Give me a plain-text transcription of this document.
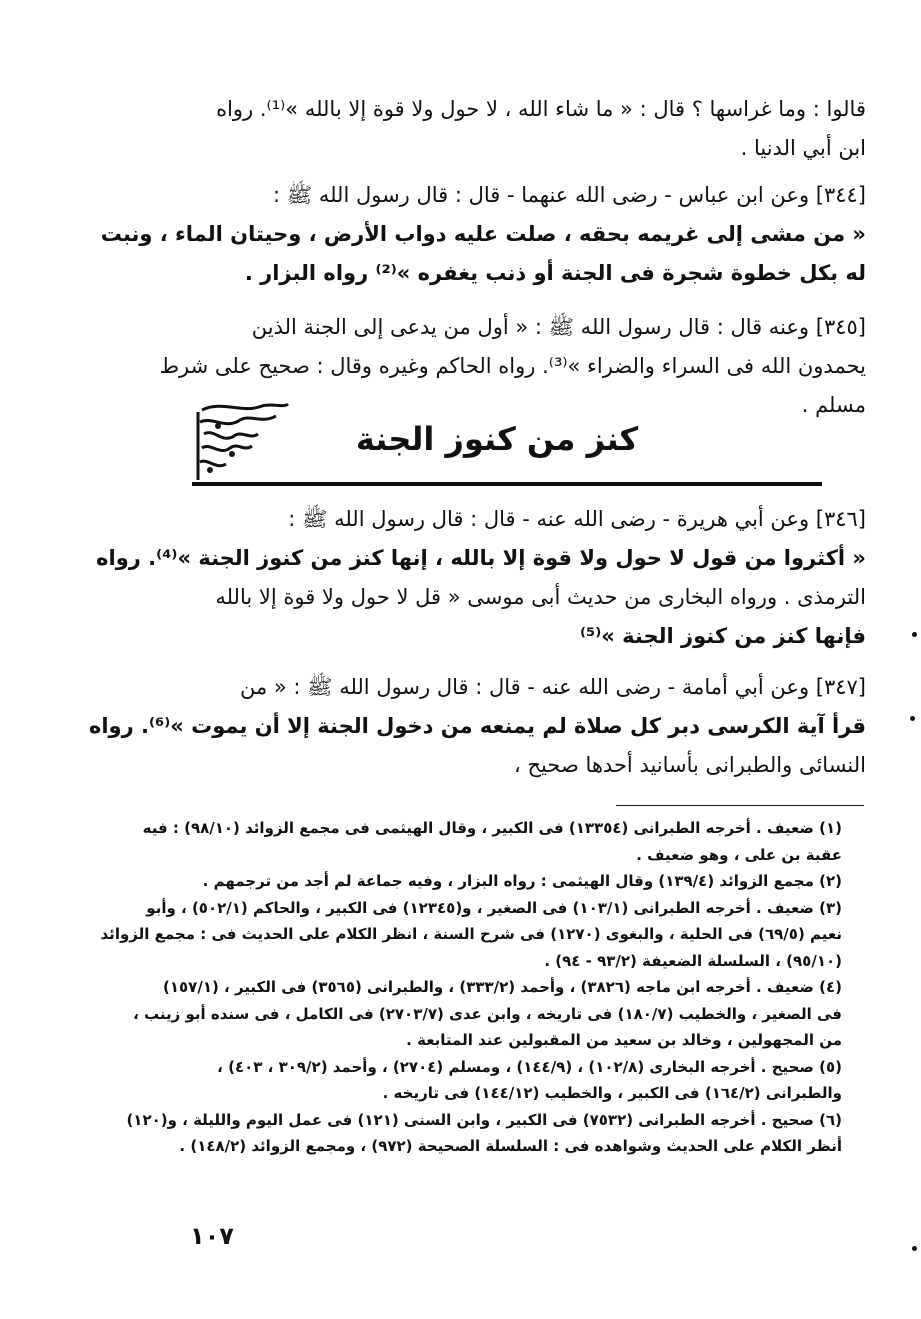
قالوا : وما غراسها ؟ قال : « ما شاء الله ، لا حول ولا قوة إلا بالله »⁽¹⁾. رواه
ابن أبي الدنيا .
[٣٤٤] وعن ابن عباس - رضى الله عنهما - قال : قال رسول الله ﷺ :
« من مشى إلى غريمه بحقه ، صلت عليه دواب الأرض ، وحيتان الماء ، ونبت
له بكل خطوة شجرة فى الجنة أو ذنب يغفره »⁽²⁾ رواه البزار .
[٣٤٥] وعنه قال : قال رسول الله ﷺ : « أول من يدعى إلى الجنة الذين
يحمدون الله فى السراء والضراء »⁽³⁾. رواه الحاكم وغيره وقال : صحيح على شرط
مسلم .
كنز من كنوز الجنة
[٣٤٦] وعن أبي هريرة - رضى الله عنه - قال : قال رسول الله ﷺ :
« أكثروا من قول لا حول ولا قوة إلا بالله ، إنها كنز من كنوز الجنة »⁽⁴⁾. رواه
الترمذى . ورواه البخارى من حديث أبى موسى « قل لا حول ولا قوة إلا بالله
فإنها كنز من كنوز الجنة »⁽⁵⁾
[٣٤٧] وعن أبي أمامة - رضى الله عنه - قال : قال رسول الله ﷺ : « من
قرأ آية الكرسى دبر كل صلاة لم يمنعه من دخول الجنة إلا أن يموت »⁽⁶⁾. رواه
النسائى والطبرانى بأسانيد أحدها صحيح ،
(١) ضعيف . أخرجه الطبرانى (١٣٣٥٤) فى الكبير ، وقال الهيثمى فى مجمع الزوائد (٩٨/١٠) : فيه
عقبة بن على ، وهو ضعيف .
(٢) مجمع الزوائد (١٣٩/٤) وقال الهيثمى : رواه البزار ، وفيه جماعة لم أجد من ترجمهم .
(٣) ضعيف . أخرجه الطبرانى (١٠٣/١) فى الصغير ، و(١٢٣٤٥) فى الكبير ، والحاكم (٥٠٢/١) ، وأبو
نعيم (٦٩/٥) فى الحلية ، والبغوى (١٢٧٠) فى شرح السنة ، انظر الكلام على الحديث فى : مجمع الزوائد
(٩٥/١٠) ، السلسلة الضعيفة (٩٣/٢ - ٩٤) .
(٤) ضعيف . أخرجه ابن ماجه (٣٨٢٦) ، وأحمد (٣٣٣/٢) ، والطبرانى (٣٥٦٥) فى الكبير ، (١٥٧/١)
فى الصغير ، والخطيب (١٨٠/٧) فى تاريخه ، وابن عدى (٢٧٠٣/٧) فى الكامل ، فى سنده أبو زينب ،
من المجهولين ، وخالد بن سعيد من المقبولين عند المتابعة .
(٥) صحيح . أخرجه البخارى (١٠٢/٨) ، (١٤٤/٩) ، ومسلم (٢٧٠٤) ، وأحمد (٣٠٩/٢ ، ٤٠٣) ،
والطبرانى (١٦٤/٢) فى الكبير ، والخطيب (١٤٤/١٢) فى تاريخه .
(٦) صحيح . أخرجه الطبرانى (٧٥٣٢) فى الكبير ، وابن السنى (١٢١) فى عمل اليوم والليلة ، و(١٢٠)
أنظر الكلام على الحديث وشواهده فى : السلسلة الصحيحة (٩٧٢) ، ومجمع الزوائد (١٤٨/٢) .
١٠٧
